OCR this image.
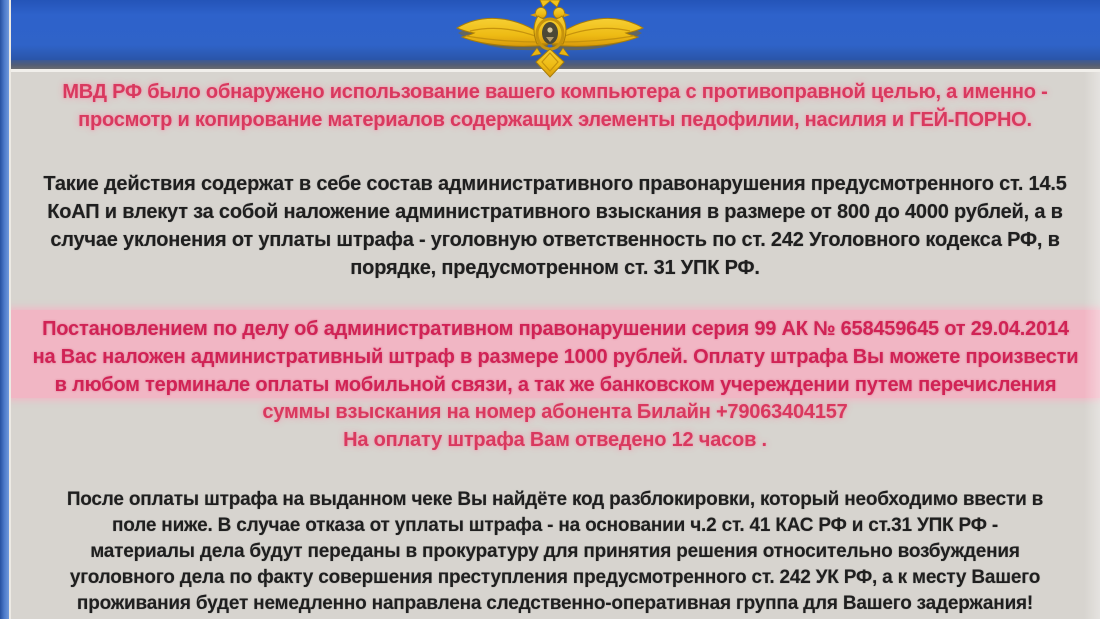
МВД РФ было обнаружено использование вашего компьютера с противоправной целью, а именно -
просмотр и копирование материалов содержащих элементы педофилии, насилия и ГЕЙ-ПОРНО.
Такие действия содержат в себе состав административного правонарушения предусмотренного ст. 14.5
КоАП и влекут за собой наложение административного взыскания в размере от 800 до 4000 рублей, а в
случае уклонения от уплаты штрафа - уголовную ответственность по ст. 242 Уголовного кодекса РФ, в
порядке, предусмотренном ст. 31 УПК РФ.
Постановлением по делу об административном правонарушении серия 99 АК № 658459645 от 29.04.2014
на Вас наложен административный штраф в размере 1000 рублей. Оплату штрафа Вы можете произвести
в любом терминале оплаты мобильной связи, а так же банковском учереждении путем перечисления
суммы взыскания на номер абонента Билайн +79063404157
На оплату штрафа Вам отведено 12 часов .
После оплаты штрафа на выданном чеке Вы найдёте код разблокировки, который необходимо ввести в
поле ниже. В случае отказа от уплаты штрафа - на основании ч.2 ст. 41 КАС РФ и ст.31 УПК РФ -
материалы дела будут переданы в прокуратуру для принятия решения относительно возбуждения
уголовного дела по факту совершения преступления предусмотренного ст. 242 УК РФ, а к месту Вашего
проживания будет немедленно направлена следственно-оперативная группа для Вашего задержания!
